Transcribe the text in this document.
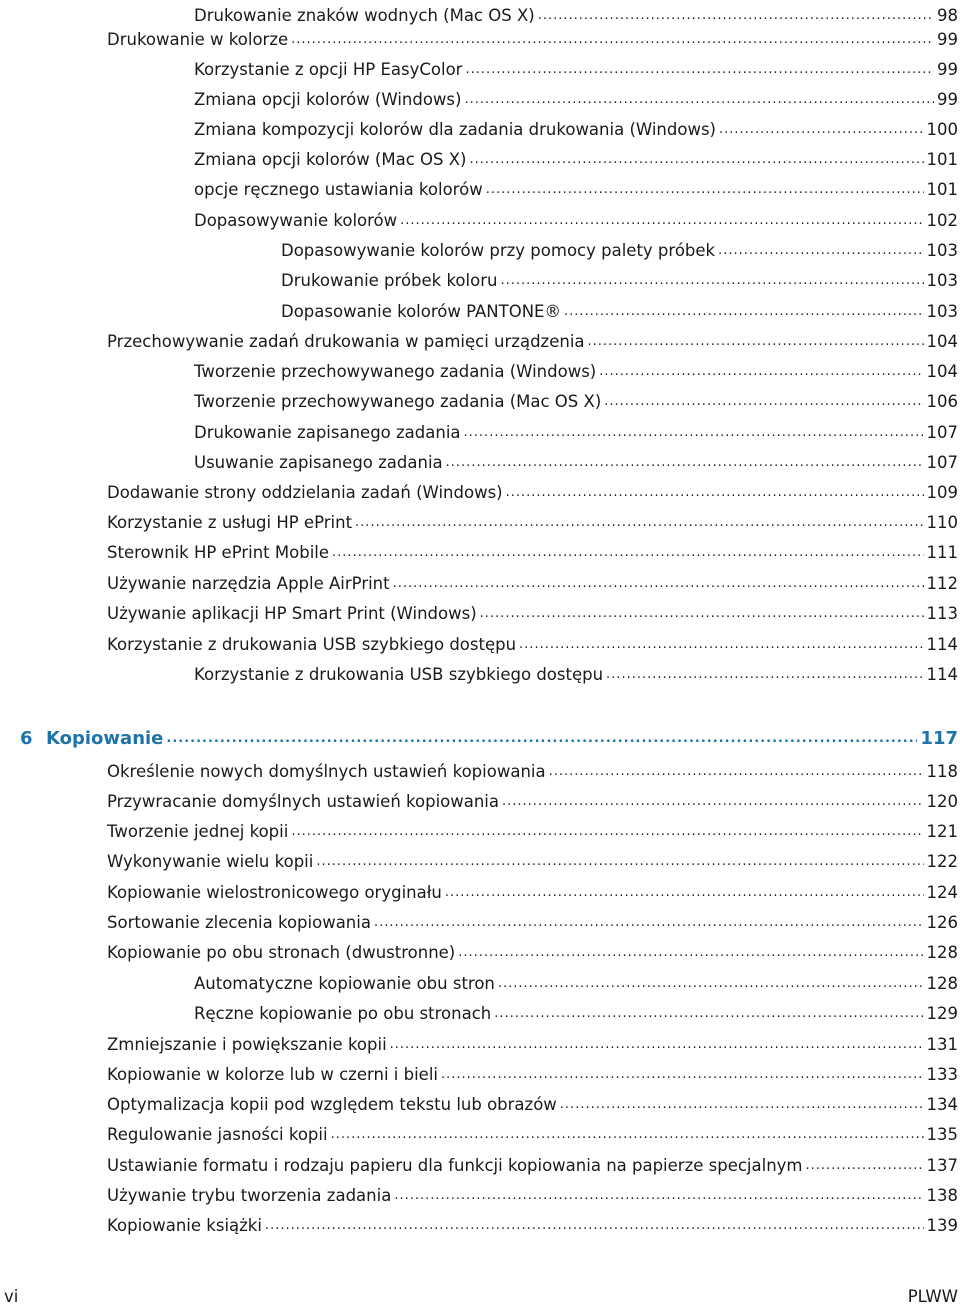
Drukowanie znaków wodnych (Mac OS X) .....	98
Drukowanie w kolorze .....	99
Korzystanie z opcji HP EasyColor .....	99
Zmiana opcji kolorów (Windows) .....	99
Zmiana kompozycji kolorów dla zadania drukowania (Windows) .....	100
Zmiana opcji kolorów (Mac OS X) .....	101
opcje ręcznego ustawiania kolorów .....	101
Dopasowywanie kolorów .....	102
Dopasowywanie kolorów przy pomocy palety próbek .....	103
Drukowanie próbek koloru .....	103
Dopasowanie kolorów PANTONE® .....	103
Przechowywanie zadań drukowania w pamięci urządzenia .....	104
Tworzenie przechowywanego zadania (Windows) .....	104
Tworzenie przechowywanego zadania (Mac OS X) .....	106
Drukowanie zapisanego zadania .....	107
Usuwanie zapisanego zadania .....	107
Dodawanie strony oddzielania zadań (Windows) .....	109
Korzystanie z usługi HP ePrint .....	110
Sterownik HP ePrint Mobile .....	111
Używanie narzędzia Apple AirPrint .....	112
Używanie aplikacji HP Smart Print (Windows) .....	113
Korzystanie z drukowania USB szybkiego dostępu .....	114
Korzystanie z drukowania USB szybkiego dostępu .....	114
6 Kopiowanie .....	117
Określenie nowych domyślnych ustawień kopiowania .....	118
Przywracanie domyślnych ustawień kopiowania .....	120
Tworzenie jednej kopii .....	121
Wykonywanie wielu kopii .....	122
Kopiowanie wielostronicowego oryginału .....	124
Sortowanie zlecenia kopiowania .....	126
Kopiowanie po obu stronach (dwustronne) .....	128
Automatyczne kopiowanie obu stron .....	128
Ręczne kopiowanie po obu stronach .....	129
Zmniejszanie i powiększanie kopii .....	131
Kopiowanie w kolorze lub w czerni i bieli .....	133
Optymalizacja kopii pod względem tekstu lub obrazów .....	134
Regulowanie jasności kopii .....	135
Ustawianie formatu i rodzaju papieru dla funkcji kopiowania na papierze specjalnym .....	137
Używanie trybu tworzenia zadania .....	138
Kopiowanie książki .....	139
vi	PLWW
